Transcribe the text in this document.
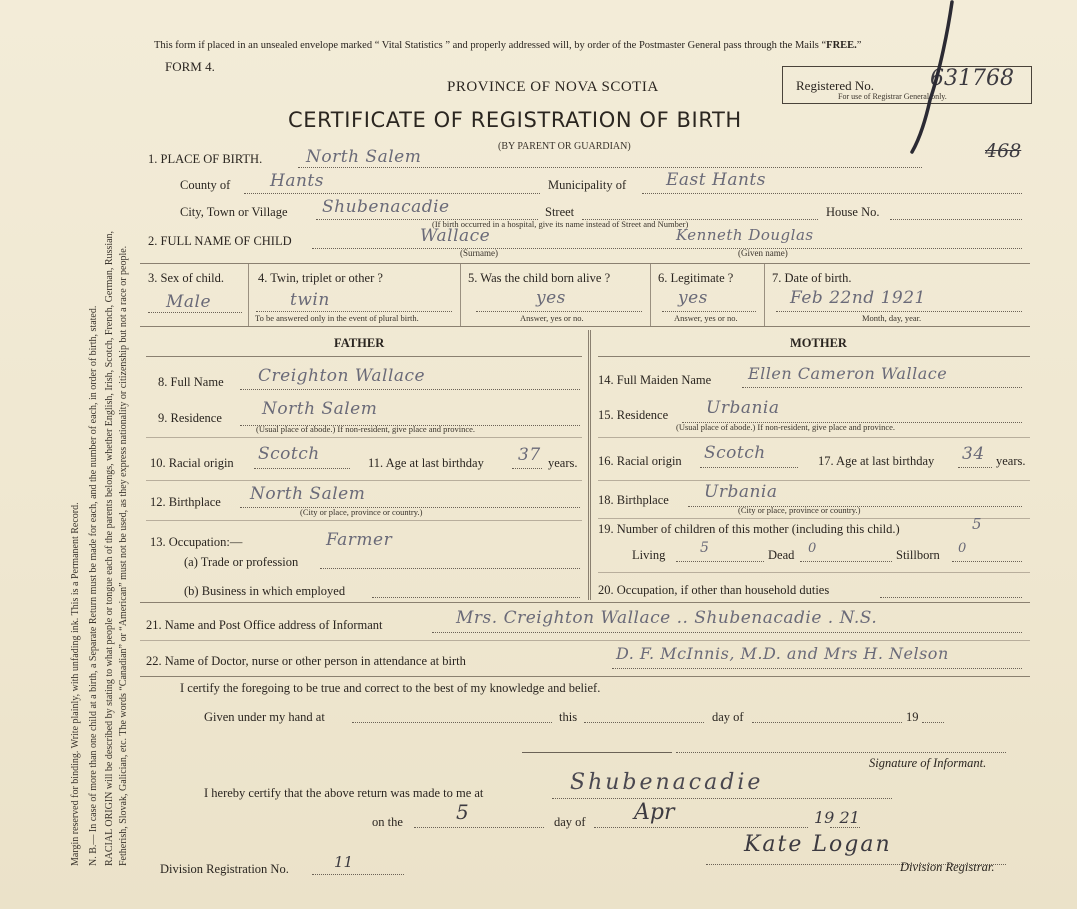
Margin reserved for binding. Write plainly, with unfading ink. This is a Permanent Record. N. B.— In case of more than one child at a birth, a Separate Return must be made for each, and the number of each, in order of birth, stated. RACIAL ORIGIN will be described by stating to what people or tongue each of the parents belongs, whether English, Irish, Scotch, French, German, Russian, Fetherish, Slovak, Galician, etc. The words “Canadian” or “American” must not be used, as they express nationality or citizenship but not a race or people.
This form if placed in an unsealed envelope marked “ Vital Statistics ” and properly addressed will, by order of the Postmaster General pass through the Mails “FREE.”
FORM 4.
PROVINCE OF NOVA SCOTIA
CERTIFICATE OF REGISTRATION OF BIRTH
(BY PARENT OR GUARDIAN)
Registered No.	631768
For use of Registrar General only.
468
1. PLACE OF BIRTH.	North Salem
County of Hants	Municipality of East Hants
City, Town or Village Shubenacadie	Street	House No.
(If birth occurred in a hospital, give its name instead of Street and Number)
2. FULL NAME OF CHILD	Wallace	Kenneth Douglas
(Surname)	(Given name)
3. Sex of child.
Male
4. Twin, triplet or other ?
twin
To be answered only in the event of plural birth.
5. Was the child born alive ?
yes
Answer, yes or no.
6. Legitimate ?
yes
Answer, yes or no.
7. Date of birth.
Feb 22nd 1921
Month, day, year.
FATHER	MOTHER
8. Full Name Creighton Wallace
9. Residence North Salem
(Usual place of abode.) If non-resident, give place and province.
10. Racial origin Scotch	11. Age at last birthday 37 years.
12. Birthplace North Salem
(City or place, province or country.)
13. Occupation:—	Farmer
(a) Trade or profession
(b) Business in which employed
14. Full Maiden Name Ellen Cameron Wallace
15. Residence Urbania
(Usual place of abode.) If non-resident, give place and province.
16. Racial origin Scotch	17. Age at last birthday 34 years.
18. Birthplace Urbania
(City or place, province or country.)
19. Number of children of this mother (including this child.)	5
Living 5	Dead 0	Stillborn 0
20. Occupation, if other than household duties
21. Name and Post Office address of Informant	Mrs. Creighton Wallace .. Shubenacadie . N.S.
22. Name of Doctor, nurse or other person in attendance at birth	D. F. McInnis, M.D. and Mrs H. Nelson
I certify the foregoing to be true and correct to the best of my knowledge and belief.
Given under my hand at	this	day of	19
Signature of Informant.
I hereby certify that the above return was made to me at	Shubenacadie
on the	5	day of Apr	19 21
Kate Logan
Division Registrar.
Division Registration No.	11
